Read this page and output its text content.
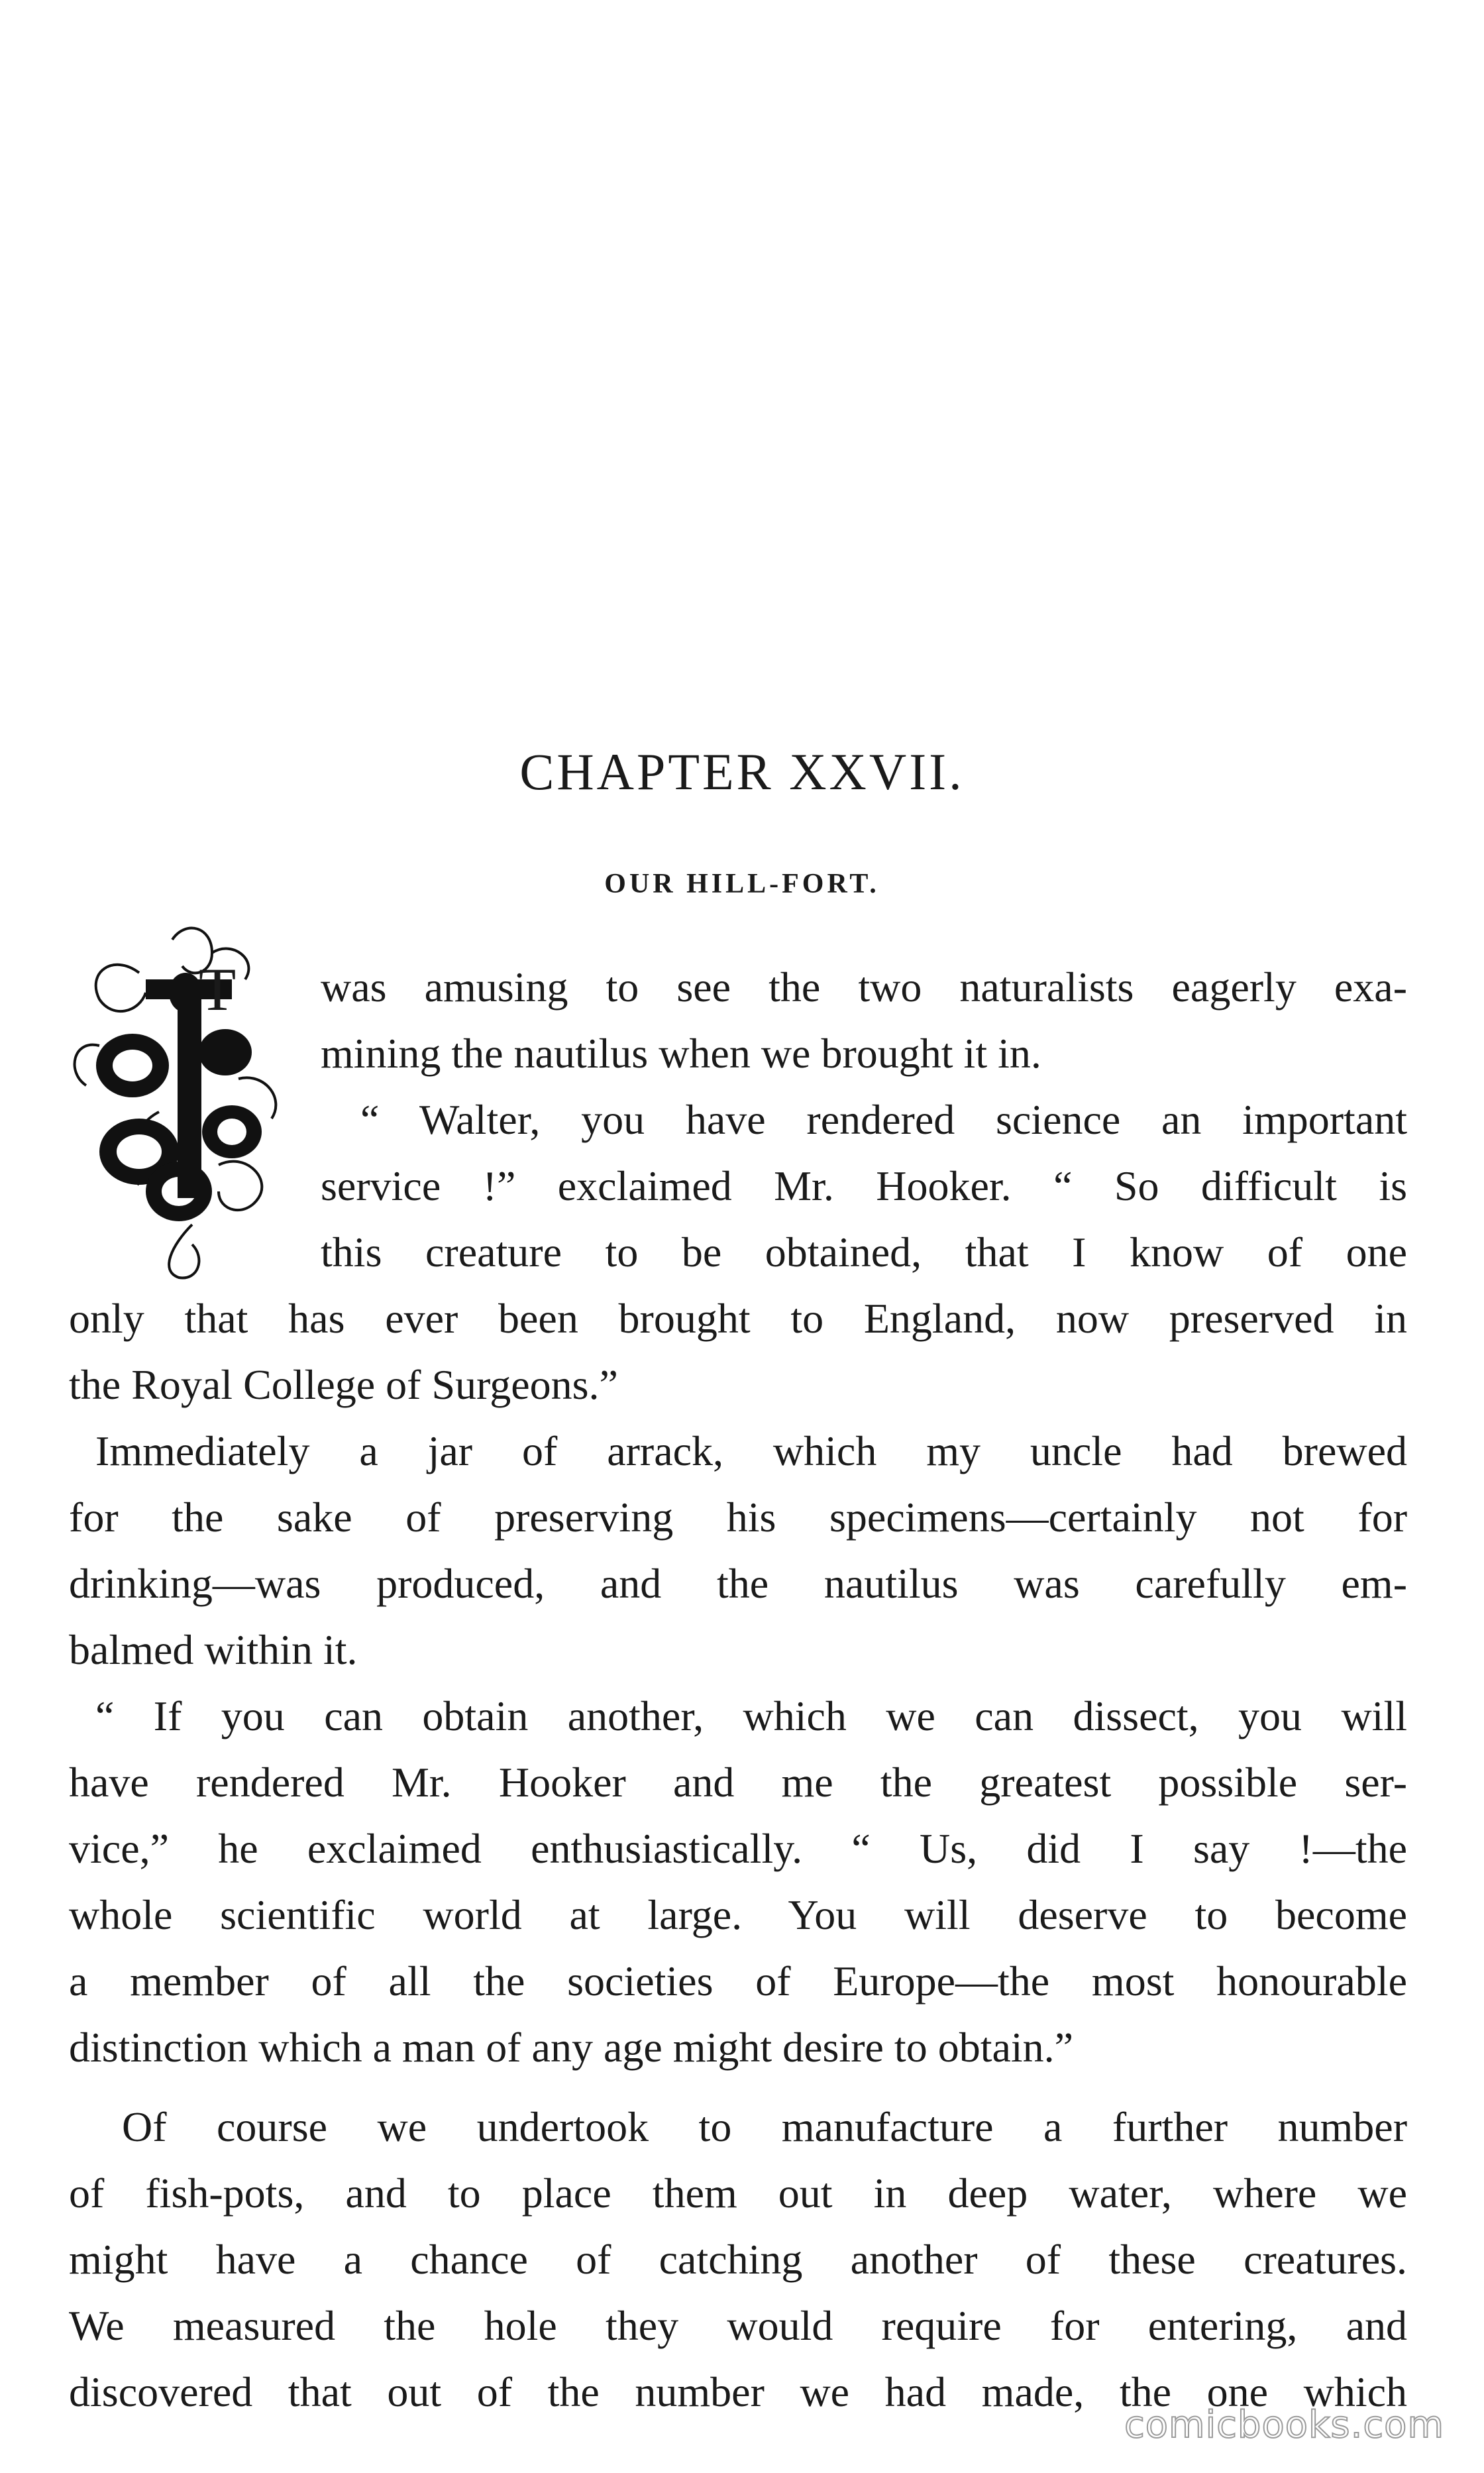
CHAPTER XXVII.
OUR HILL-FORT.
T	was amusing to see the two naturalists eagerly exa-
mining the nautilus when we brought it in.
“ Walter, you have rendered science an important
service !” exclaimed Mr. Hooker. “ So difficult is
this creature to be obtained, that I know of one
only that has ever been brought to England, now preserved in
the Royal College of Surgeons.”
Immediately a jar of arrack, which my uncle had brewed
for the sake of preserving his specimens—certainly not for
drinking—was produced, and the nautilus was carefully em-
balmed within it.
“ If you can obtain another, which we can dissect, you will
have rendered Mr. Hooker and me the greatest possible ser-
vice,” he exclaimed enthusiastically. “ Us, did I say !—the
whole scientific world at large. You will deserve to become
a member of all the societies of Europe—the most honourable
distinction which a man of any age might desire to obtain.”
Of course we undertook to manufacture a further number
of fish-pots, and to place them out in deep water, where we
might have a chance of catching another of these creatures.
We measured the hole they would require for entering, and
discovered that out of the number we had made, the one which
comicbooks.com
